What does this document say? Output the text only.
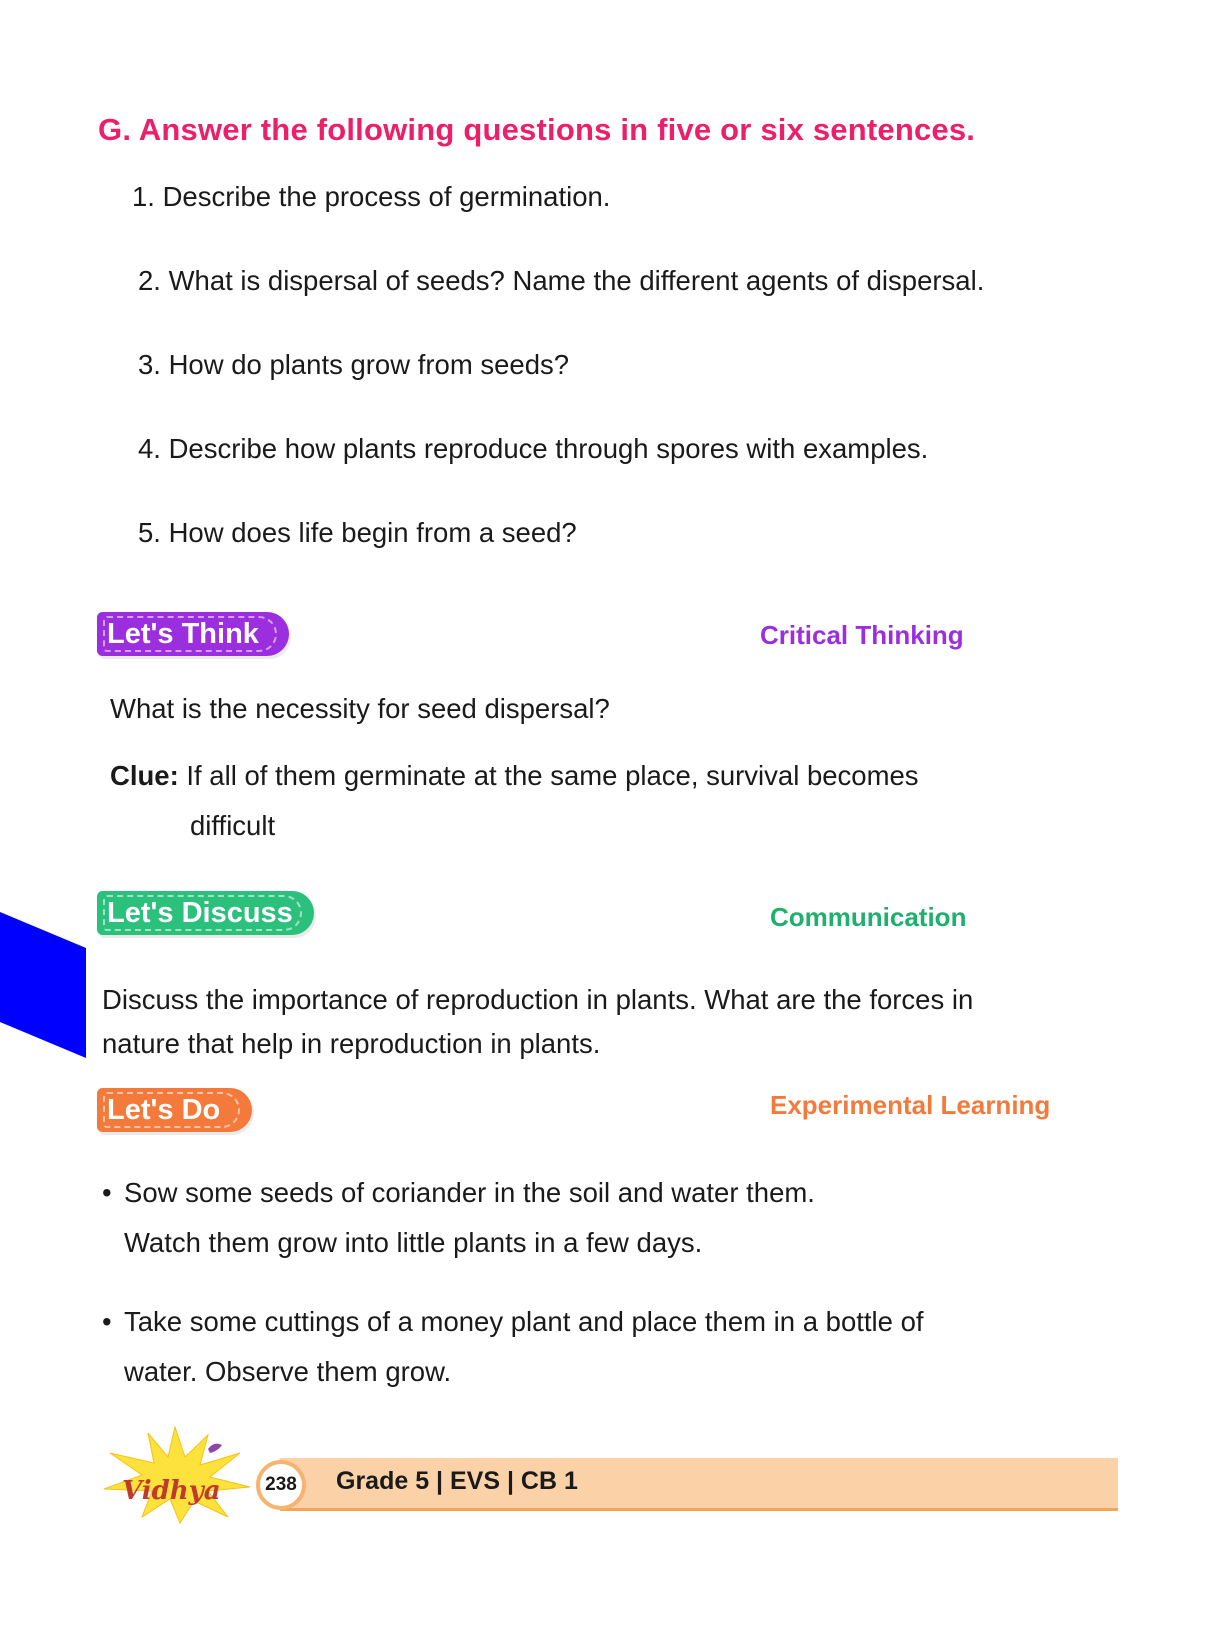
G. Answer the following questions in five or six sentences.
1. Describe the process of germination.
2. What is dispersal of seeds? Name the different agents of dispersal.
3. How do plants grow from seeds?
4. Describe how plants reproduce through spores with examples.
5. How does life begin from a seed?
Let's Think	Critical Thinking
What is the necessity for seed dispersal?
Clue: If all of them germinate at the same place, survival becomes
difficult
Let's Discuss	Communication
Discuss the importance of reproduction in plants. What are the forces in
nature that help in reproduction in plants.
Let's Do	Experimental Learning
• Sow some seeds of coriander in the soil and water them.
Watch them grow into little plants in a few days.
• Take some cuttings of a money plant and place them in a bottle of
water. Observe them grow.
Vidhya	238	Grade 5 | EVS | CB 1
